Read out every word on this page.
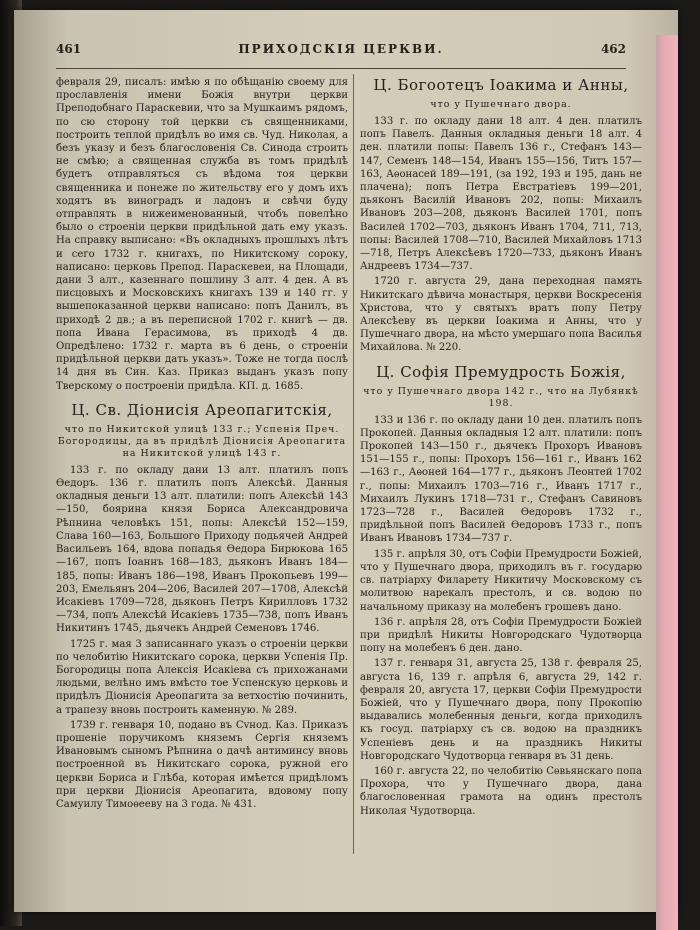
461	ПРИХОДСКІЯ ЦЕРКВИ.	462

февраля 29, писалъ: имѣю я по обѣщанію своему для прославленія имени Божія внутри церкви Преподобнаго Параскевии, что за Мушкаимъ рядомъ, по сю сторону той церкви съ священниками, построить теплой придѣлъ во имя св. Чуд. Николая, а безъ указу и безъ благословенія Св. Синода строить не смѣю; а священная служба въ томъ придѣлѣ будетъ отправляться съ вѣдома тоя церкви священника и понеже по жительству его у домъ ихъ ходятъ въ виноградъ и ладонъ и свѣчи буду отправлять в нижеименованный, чтобъ повелѣно было о строеніи церкви придѣльной дать ему указъ. На справку выписано: «Въ окладныхъ прошлыхъ лѣтъ и сего 1732 г. книгахъ, по Никитскому сороку, написано: церковь Препод. Параскевеи, на Площади, дани 3 алт., казеннаго пошлину 3 алт. 4 ден. А въ писцовыхъ и Московскихъ книгахъ 139 и 140 гг. у вышепоказанной церкви написано: попъ Данилъ, въ приходѣ 2 дв.; а въ переписной 1702 г. книгѣ — дв. попа Ивана Герасимова, въ приходѣ 4 дв. Опредѣлено: 1732 г. марта въ 6 день, о строеніи придѣльной церкви дать указъ». Тоже не тогда послѣ 14 дня въ Син. Каз. Приказ выданъ указъ попу Тверскому о построеніи придѣла. КП. д. 1685.

Ц. Св. Діонисія Ареопагитскія,
что по Никитской улицѣ 133 г.; Успенія Преч. Богородицы, да въ придѣлѣ Діонисія Ареопагита на Никитской улицѣ 143 г.

133 г. по окладу дани 13 алт. платилъ попъ Ѳедоръ. 136 г. платилъ попъ Алексѣй. Данныя окладныя деньги 13 алт. платили: попъ Алексѣй 143—150, боярина князя Бориса Александровича Рѣпнина человѣкъ 151, попы: Алексѣй 152—159, Слава 160—163, Большого Приходу подьячей Андрей Васильевъ 164, вдова попадья Ѳедора Бирюкова 165—167, попъ Іоаннъ 168—183, дьяконъ Иванъ 184—185, попы: Иванъ 186—198, Иванъ Прокопьевъ 199—203, Емельянъ 204—206, Василей 207—1708, Алексѣй Исакіевъ 1709—728, дьяконъ Петръ Кирилловъ 1732—734, попъ Алексѣй Исакіевъ 1735—738, попъ Иванъ Никитинъ 1745, дьячекъ Андрей Семеновъ 1746.

1725 г. мая 3 записаннаго указъ о строеніи церкви по челобитію Никитскаго сорока, церкви Успенія Пр. Богородицы попа Алексія Исакіева съ прихожанами людьми, велѣно имъ вмѣсто тое Успенскую церковь и придѣлъ Діонисія Ареопагита за ветхостію починить, а трапезу вновь построить каменную. № 289.

1739 г. генваря 10, подано въ Сvнод. Каз. Приказъ прошеніе поручикомъ княземъ Сергія княземъ Ивановымъ сыномъ Рѣпнина о дачѣ антиминсу вновь построенной въ Никитскаго сорока, ружной его церкви Бориса и Глѣба, которая имѣется придѣломъ при церкви Діонисія Ареопагита, вдовому попу Самуилу Тимоѳееву на 3 года. № 431.

Ц. Богоотецъ Іоакима и Анны,
что у Пушечнаго двора.

133 г. по окладу дани 18 алт. 4 ден. платилъ попъ Павелъ. Данныя окладныя деньги 18 алт. 4 ден. платили попы: Павелъ 136 г., Стефанъ 143—147, Семенъ 148—154, Иванъ 155—156, Титъ 157—163, Аѳонасей 189—191, (за 192, 193 и 195, дань не плачена); попъ Петра Евстратіевъ 199—201, дьяконъ Василій Ивановъ 202, попы: Михаилъ Ивановъ 203—208, дьяконъ Василей 1701, попъ Василей 1702—703, дьяконъ Иванъ 1704, 711, 713, попы: Василей 1708—710, Василей Михайловъ 1713—718, Петръ Алексѣевъ 1720—733, дьяконъ Иванъ Андреевъ 1734—737.

1720 г. августа 29, дана переходная память Никитскаго дѣвича монастыря, церкви Воскресенія Христова, что у святыхъ вратъ попу Петру Алексѣеву въ церкви Іоакима и Анны, что у Пушечнаго двора, на мѣсто умершаго попа Василья Михайлова. № 220.

Ц. Софія Премудрость Божія,
что у Пушечнаго двора 142 г., что на Лубянкѣ 198.

133 и 136 г. по окладу дани 10 ден. платилъ попъ Прокопей. Данныя окладныя 12 алт. платили: попъ Прокопей 143—150 г., дьячекъ Прохоръ Ивановъ 151—155 г., попы: Прохоръ 156—161 г., Иванъ 162—163 г., Аѳоней 164—177 г., дьяконъ Леонтей 1702 г., попы: Михаилъ 1703—716 г., Иванъ 1717 г., Михаилъ Лукинъ 1718—731 г., Стефанъ Савиновъ 1723—728 г., Василей Ѳедоровъ 1732 г., придѣльной попъ Василей Ѳедоровъ 1733 г., попъ Иванъ Ивановъ 1734—737 г.

135 г. апрѣля 30, отъ Софіи Премудрости Божіей, что у Пушечнаго двора, приходилъ въ г. государю св. патріарху Филарету Никитичу Московскому съ молитвою нарекалъ престолъ, и св. водою по начальному приказу на молебенъ грошевъ дано.

136 г. апрѣля 28, отъ Софіи Премудрости Божіей при придѣлѣ Никиты Новгородскаго Чудотворца попу на молебенъ 6 ден. дано.

137 г. генваря 31, августа 25, 138 г. февраля 25, августа 16, 139 г. апрѣля 6, августа 29, 142 г. февраля 20, августа 17, церкви Софіи Премудрости Божіей, что у Пушечнаго двора, попу Прокопію выдавались молебенныя деньги, когда приходилъ къ госуд. патріарху съ св. водою на праздникъ Успеніевъ день и на праздникъ Никиты Новгородскаго Чудотворца генваря въ 31 день.

160 г. августа 22, по челобитію Сѳвьянскаго попа Прохора, что у Пушечнаго двора, дана благословенная грамота на одинъ престолъ Николая Чудотворца.
